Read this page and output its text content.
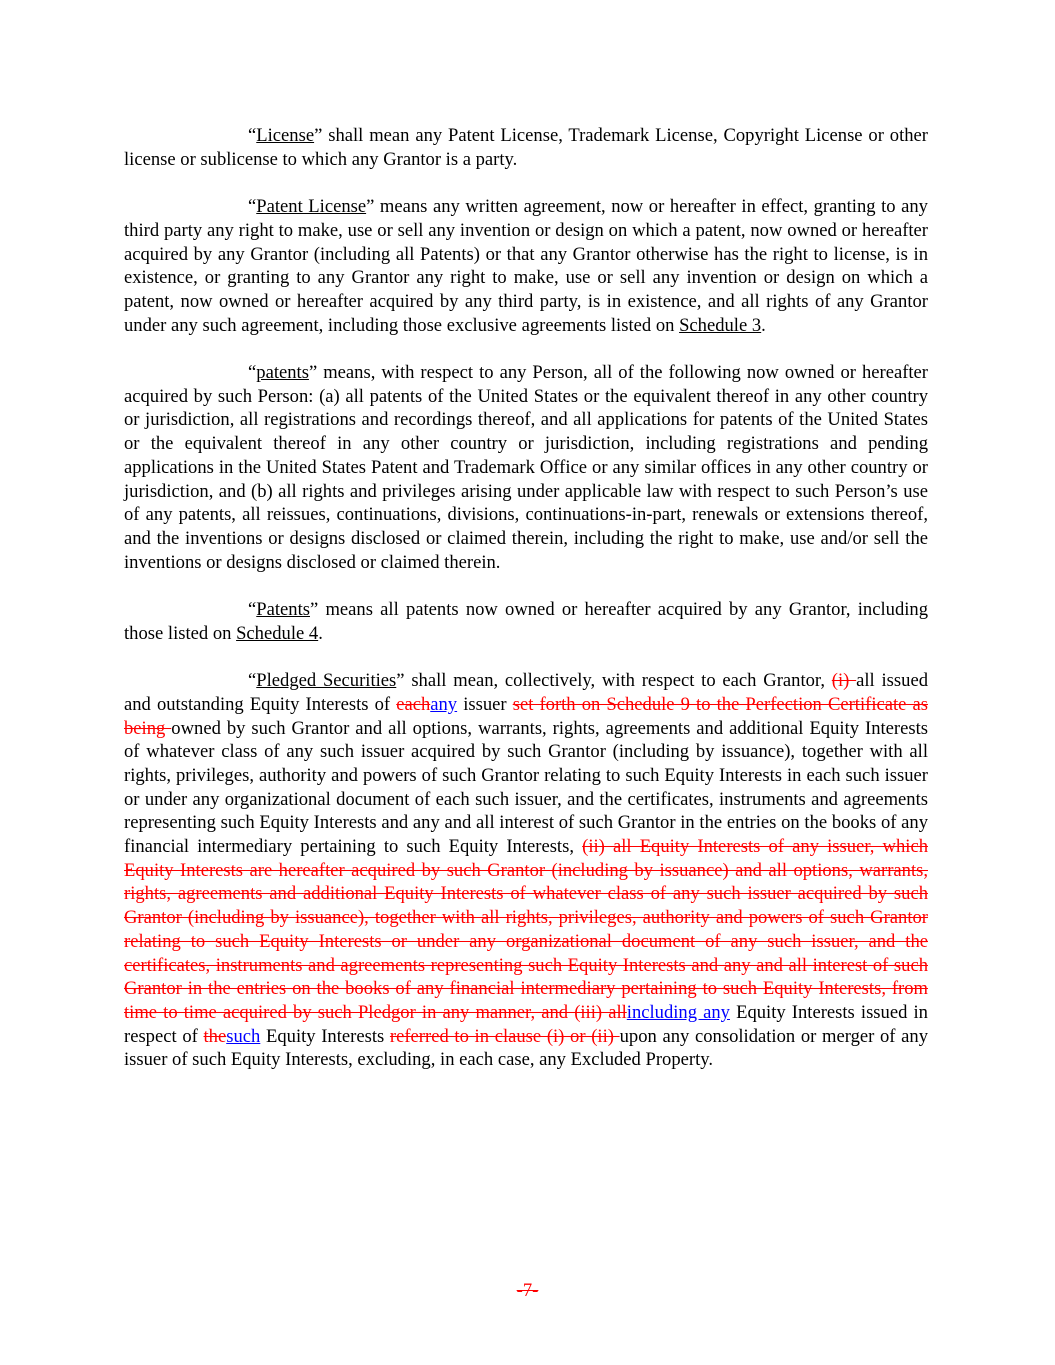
“License” shall mean any Patent License, Trademark License, Copyright License or other license or sublicense to which any Grantor is a party.

“Patent License” means any written agreement, now or hereafter in effect, granting to any third party any right to make, use or sell any invention or design on which a patent, now owned or hereafter acquired by any Grantor (including all Patents) or that any Grantor otherwise has the right to license, is in existence, or granting to any Grantor any right to make, use or sell any invention or design on which a patent, now owned or hereafter acquired by any third party, is in existence, and all rights of any Grantor under any such agreement, including those exclusive agreements listed on Schedule 3.

“patents” means, with respect to any Person, all of the following now owned or hereafter acquired by such Person: (a) all patents of the United States or the equivalent thereof in any other country or jurisdiction, all registrations and recordings thereof, and all applications for patents of the United States or the equivalent thereof in any other country or jurisdiction, including registrations and pending applications in the United States Patent and Trademark Office or any similar offices in any other country or jurisdiction, and (b) all rights and privileges arising under applicable law with respect to such Person’s use of any patents, all reissues, continuations, divisions, continuations-in-part, renewals or extensions thereof, and the inventions or designs disclosed or claimed therein, including the right to make, use and/or sell the inventions or designs disclosed or claimed therein.

“Patents” means all patents now owned or hereafter acquired by any Grantor, including those listed on Schedule 4.

“Pledged Securities” shall mean, collectively, with respect to each Grantor, (i) all issued and outstanding Equity Interests of eachany issuer set forth on Schedule 9 to the Perfection Certificate as being owned by such Grantor and all options, warrants, rights, agreements and additional Equity Interests of whatever class of any such issuer acquired by such Grantor (including by issuance), together with all rights, privileges, authority and powers of such Grantor relating to such Equity Interests in each such issuer or under any organizational document of each such issuer, and the certificates, instruments and agreements representing such Equity Interests and any and all interest of such Grantor in the entries on the books of any financial intermediary pertaining to such Equity Interests, (ii) all Equity Interests of any issuer, which Equity Interests are hereafter acquired by such Grantor (including by issuance) and all options, warrants, rights, agreements and additional Equity Interests of whatever class of any such issuer acquired by such Grantor (including by issuance), together with all rights, privileges, authority and powers of such Grantor relating to such Equity Interests or under any organizational document of any such issuer, and the certificates, instruments and agreements representing such Equity Interests and any and all interest of such Grantor in the entries on the books of any financial intermediary pertaining to such Equity Interests, from time to time acquired by such Pledgor in any manner, and (iii) allincluding any Equity Interests issued in respect of thesuch Equity Interests referred to in clause (i) or (ii) upon any consolidation or merger of any issuer of such Equity Interests, excluding, in each case, any Excluded Property.

-7-
